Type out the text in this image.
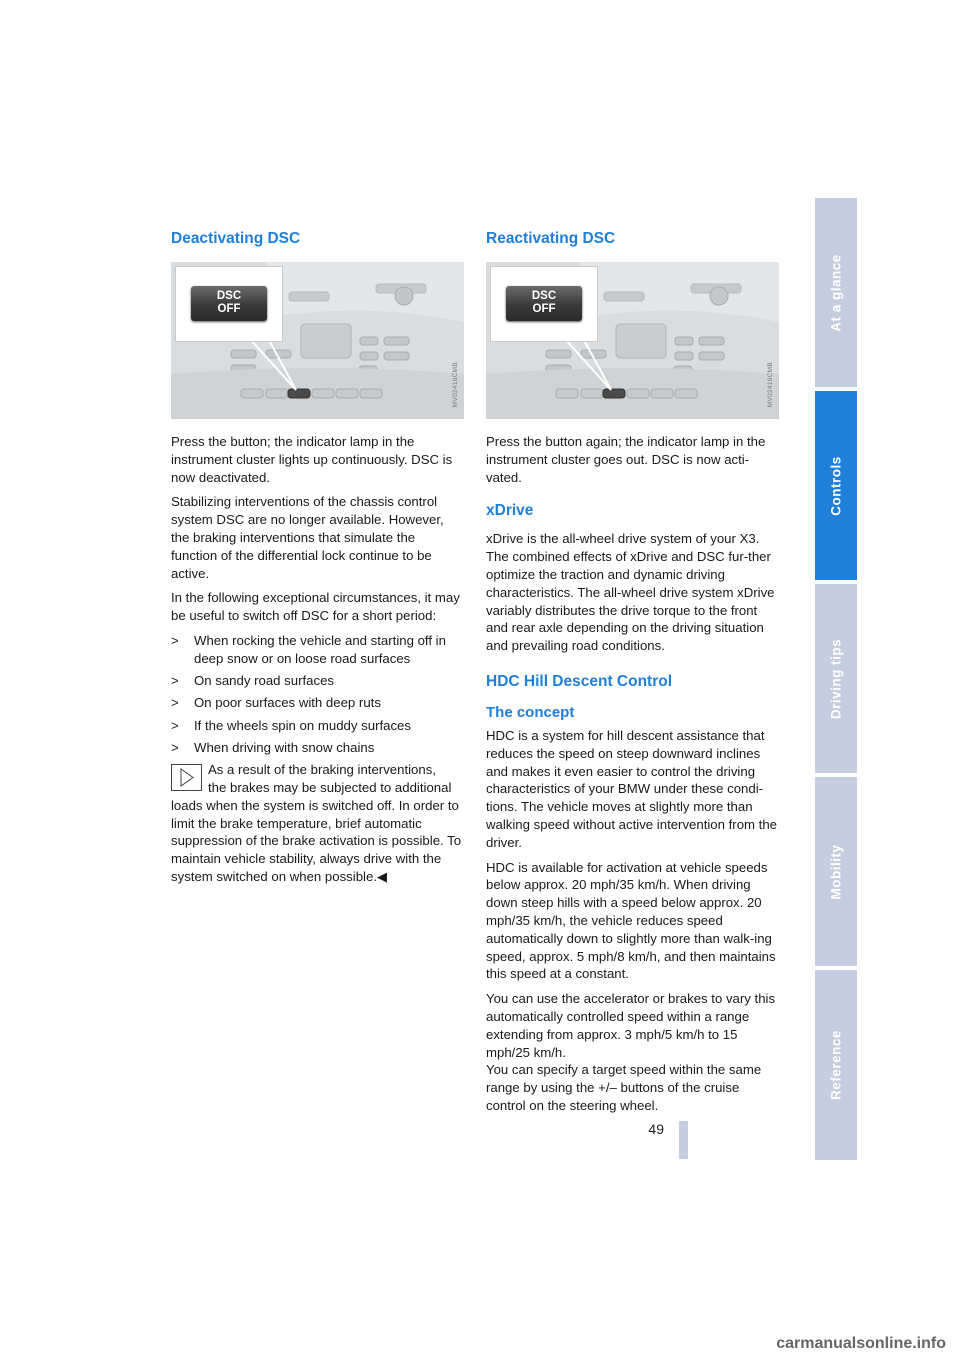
Deactivating DSC
DSC
OFF
MV02416CMB

Press the button; the indicator lamp in the instrument cluster lights up continuously. DSC is now deactivated.

Stabilizing interventions of the chassis control system DSC are no longer available. However, the braking interventions that simulate the function of the differential lock continue to be active.

In the following exceptional circumstances, it may be useful to switch off DSC for a short period:

> When rocking the vehicle and starting off in deep snow or on loose road surfaces
> On sandy road surfaces
> On poor surfaces with deep ruts
> If the wheels spin on muddy surfaces
> When driving with snow chains

As a result of the braking interventions,
the brakes may be subjected to additional
loads when the system is switched off. In order to limit the brake temperature, brief automatic suppression of the brake activation is possible. To maintain vehicle stability, always drive with the system switched on when possible.◀

Reactivating DSC
DSC
OFF
MV02416CMB

Press the button again; the indicator lamp in the instrument cluster goes out. DSC is now acti-vated.

xDrive

xDrive is the all-wheel drive system of your X3. The combined effects of xDrive and DSC fur-ther optimize the traction and dynamic driving characteristics. The all-wheel drive system xDrive variably distributes the drive torque to the front and rear axle depending on the driving situation and prevailing road conditions.

HDC Hill Descent Control
The concept

HDC is a system for hill descent assistance that reduces the speed on steep downward inclines and makes it even easier to control the driving characteristics of your BMW under these condi-tions. The vehicle moves at slightly more than walking speed without active intervention from the driver.

HDC is available for activation at vehicle speeds below approx. 20 mph/35 km/h. When driving down steep hills with a speed below approx. 20 mph/35 km/h, the vehicle reduces speed automatically down to slightly more than walk-ing speed, approx. 5 mph/8 km/h, and then maintains this speed at a constant.

You can use the accelerator or brakes to vary this automatically controlled speed within a range extending from approx. 3 mph/5 km/h to 15 mph/25 km/h.
You can specify a target speed within the same range by using the +/– buttons of the cruise control on the steering wheel.

At a glance
Controls
Driving tips
Mobility
Reference
49
carmanualsonline.info
